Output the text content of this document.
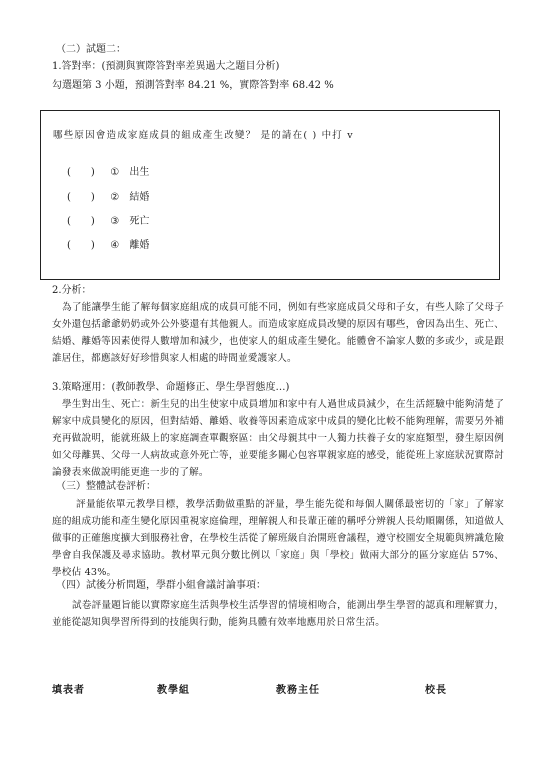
（二）試題二：
1.答對率：(預測與實際答對率差異過大之題目分析)
勾選題第 3 小題，預測答對率 84.21 %，實際答對率 68.42 %
哪些原因會造成家庭成員的組成產生改變？ 是的請在( ) 中打 v
(　　) ① 出生
(　　) ② 結婚
(　　) ③ 死亡
(　　) ④ 離婚
2.分析：
為了能讓學生能了解每個家庭組成的成員可能不同，例如有些家庭成員父母和子女，有些人除了父母子女外還包括爺爺奶奶或外公外婆還有其他親人。而造成家庭成員改變的原因有哪些，會因為出生、死亡、結婚、離婚等因素使得人數增加和減少，也使家人的組成產生變化。能體會不論家人數的多或少，或是跟誰居住，都應該好好珍惜與家人相處的時間並愛護家人。
3.策略運用：(教師教學、命題修正、學生學習態度…)
學生對出生、死亡：新生兒的出生使家中成員增加和家中有人過世成員減少，在生活經驗中能夠清楚了解家中成員變化的原因，但對結婚、離婚、收養等因素造成家中成員的變化比較不能夠理解，需要另外補充再做說明，能就班級上的家庭調查單觀察區：由父母親其中一人獨力扶養子女的家庭類型，發生原因例如父母離異、父母一人病故或意外死亡等，並要能多關心包容單親家庭的感受，能從班上家庭狀況實際討論發表來做說明能更進一步的了解。
（三）整體試卷評析：
評量能依單元教學目標，教學活動做重點的評量，學生能先從和每個人關係最密切的「家」了解家庭的組成功能和產生變化原因重視家庭倫理，理解親人和長輩正確的稱呼分辨親人長幼順關係，知道做人做事的正確態度擴大到服務社會，在學校生活從了解班級自治開班會議程，遵守校園安全規範與辨識危險學會自我保護及尋求協助。教材單元與分數比例以「家庭」與「學校」做兩大部分的區分家庭佔 57%、學校佔 43%。
（四）試後分析問題，學群小組會議討論事項：
試卷評量題旨能以實際家庭生活與學校生活學習的情境相吻合，能測出學生學習的認真和理解實力，並能從認知與學習所得到的技能與行動，能夠具體有效率地應用於日常生活。
填表者	教學組	教務主任	校長
